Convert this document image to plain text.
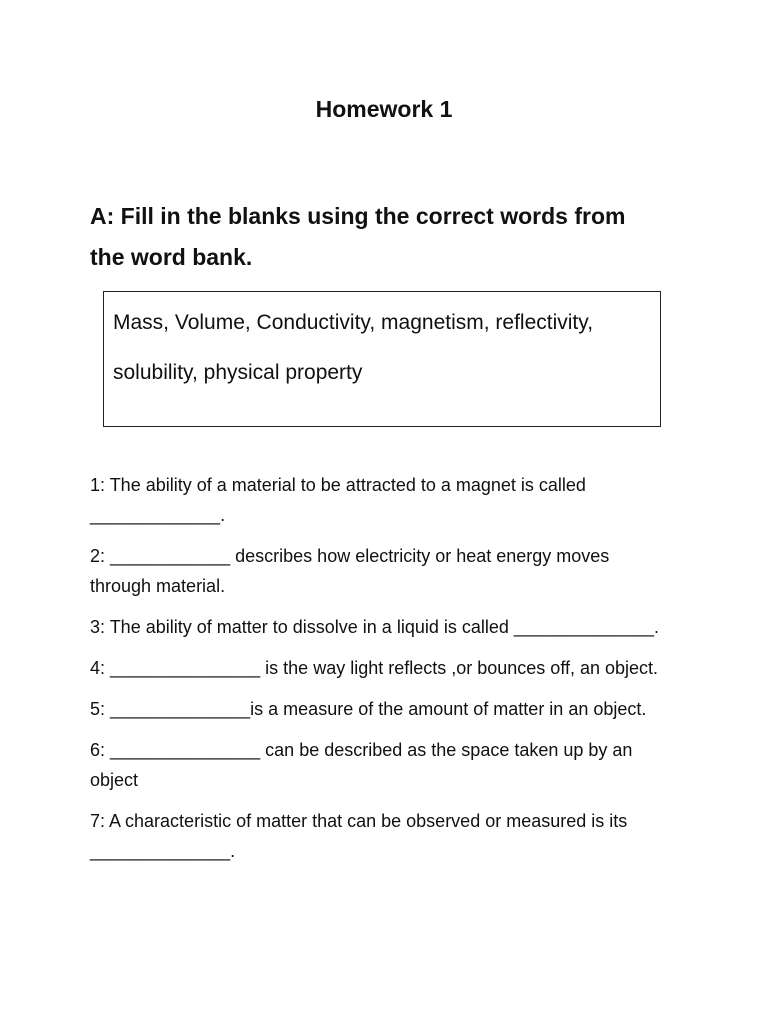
Homework 1
A: Fill in the blanks using the correct words from
the word bank.
Mass, Volume, Conductivity, magnetism, reflectivity,
solubility, physical property
1: The ability of a material to be attracted to a magnet is called
_____________.
2: ____________ describes how electricity or heat energy moves
through material.
3: The ability of matter to dissolve in a liquid is called ______________.
4: _______________ is the way light reflects ,or bounces off, an object.
5: ______________is a measure of the amount of matter in an object.
6: _______________ can be described as the space taken up by an
object
7: A characteristic of matter that can be observed or measured is its
______________.
